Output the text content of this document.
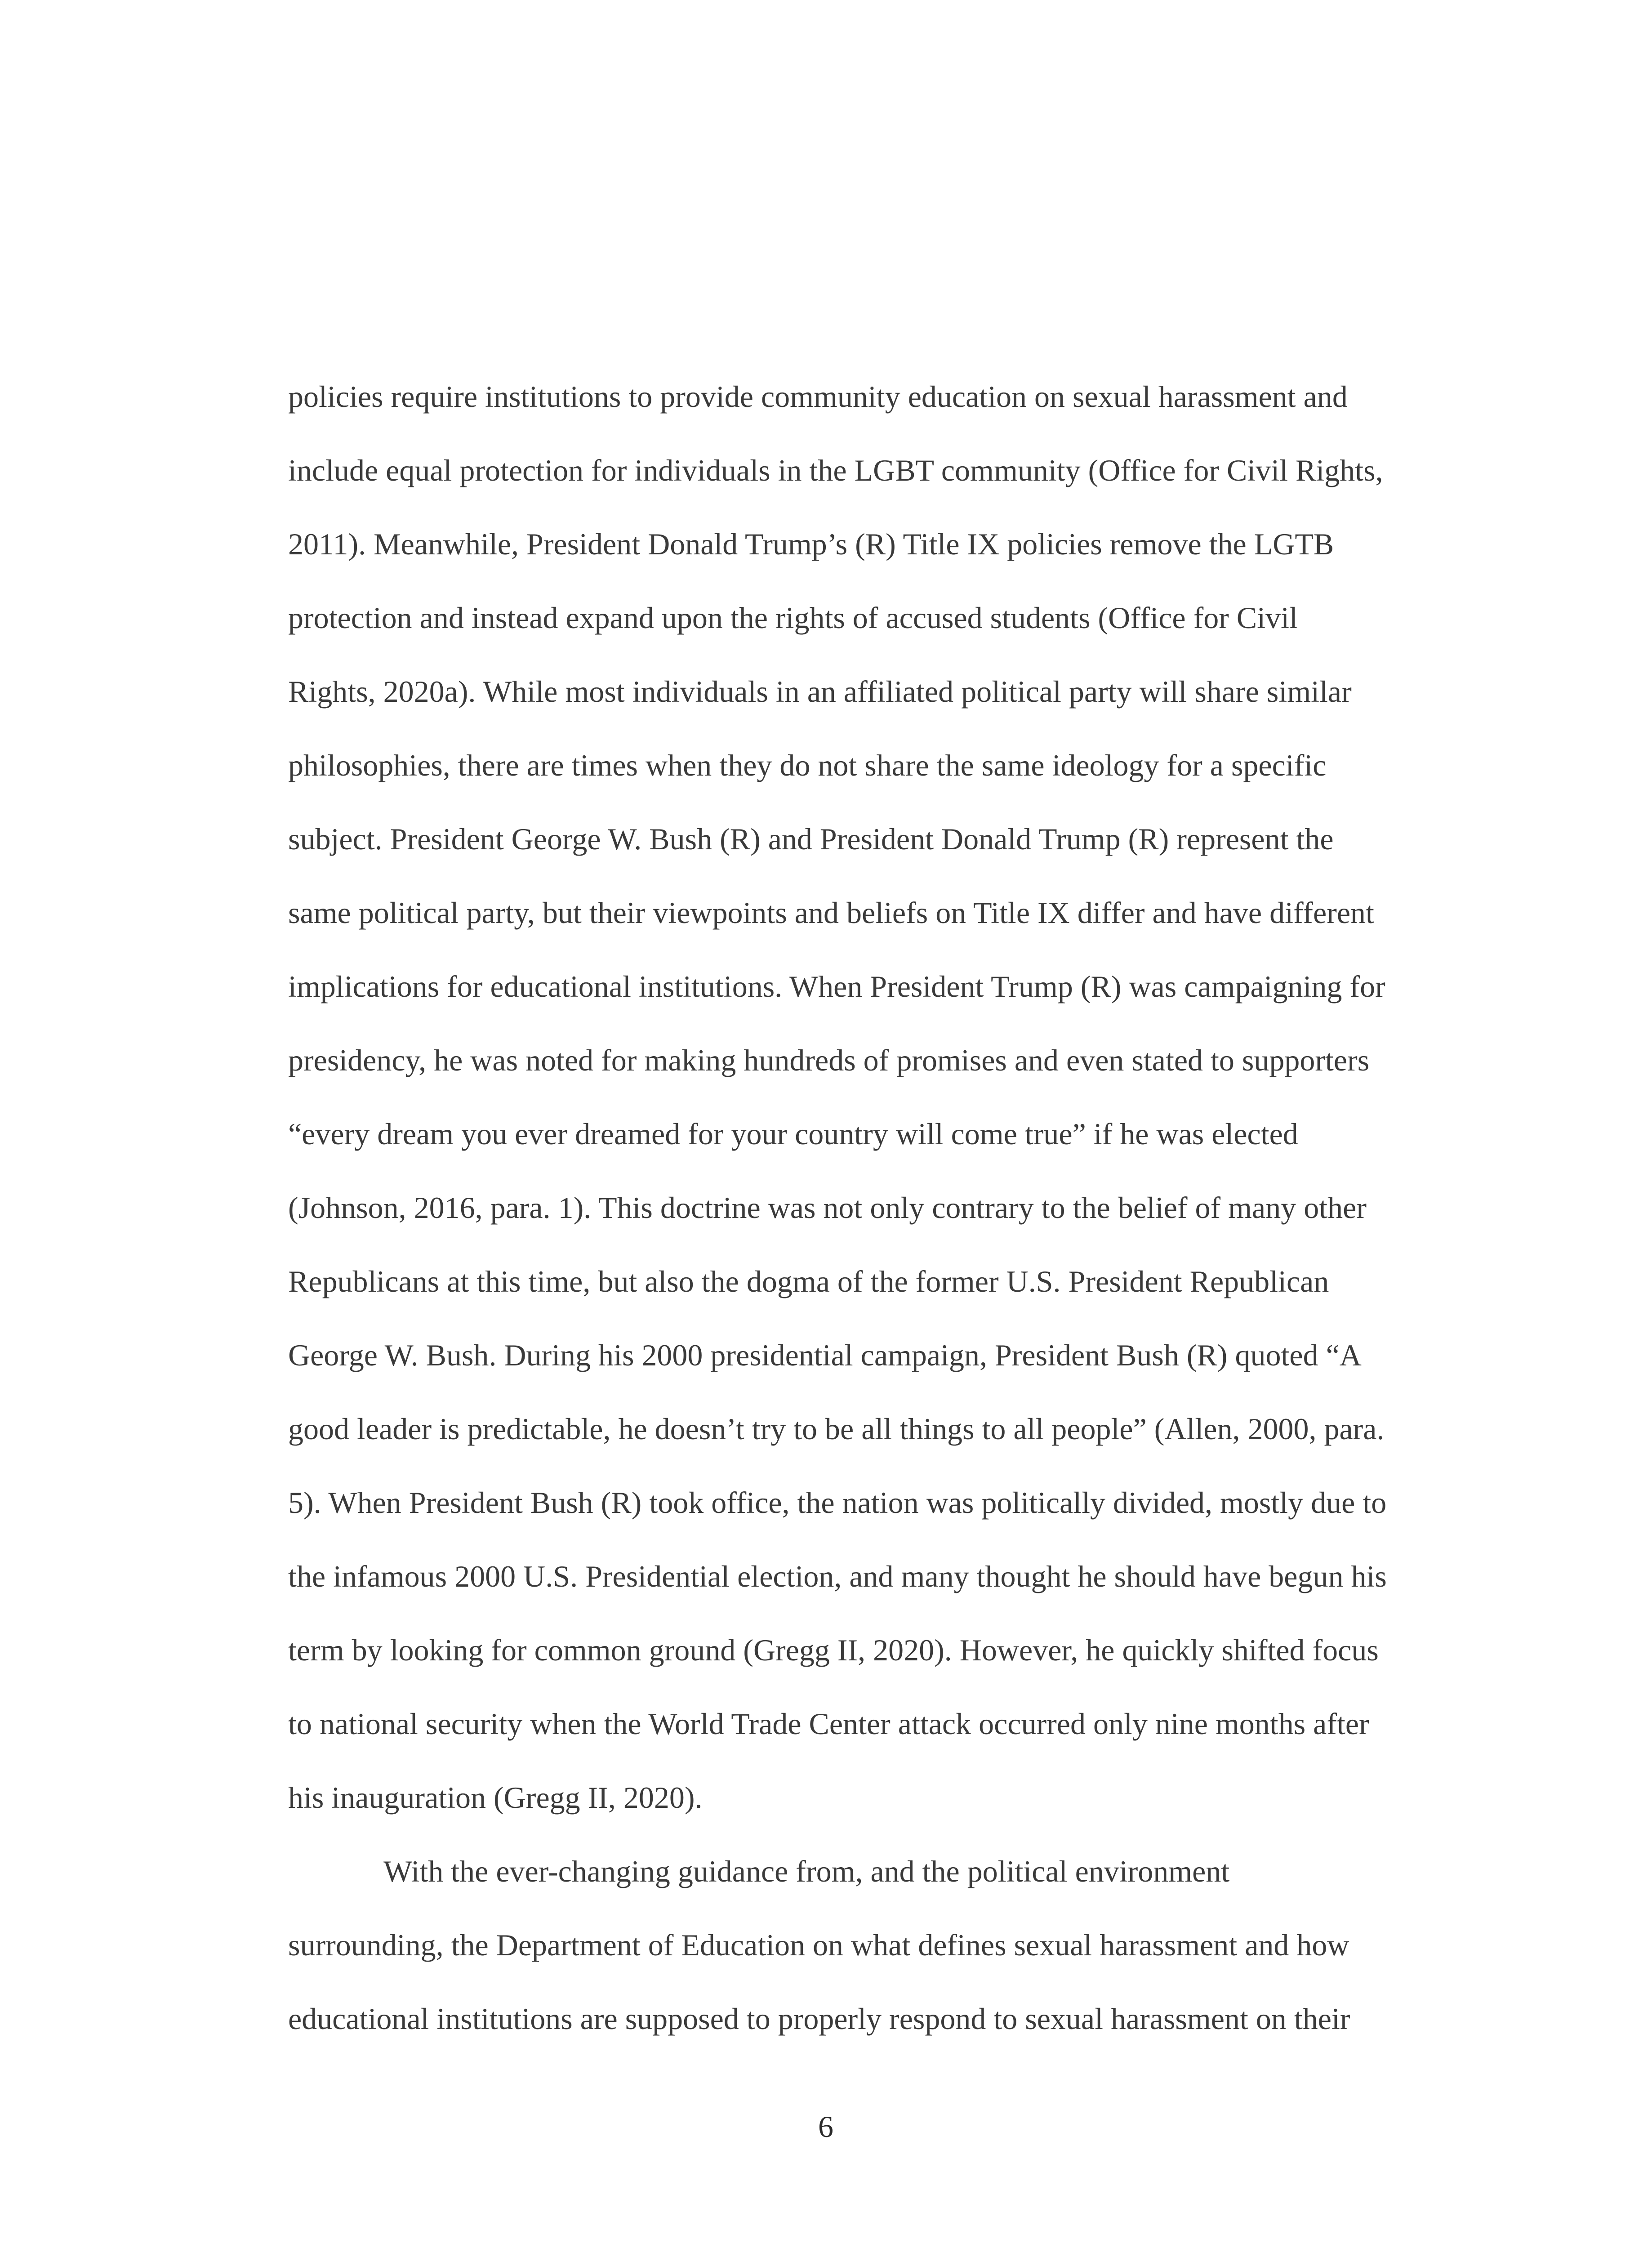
policies require institutions to provide community education on sexual harassment and
include equal protection for individuals in the LGBT community (Office for Civil Rights,
2011). Meanwhile, President Donald Trump’s (R) Title IX policies remove the LGTB
protection and instead expand upon the rights of accused students (Office for Civil
Rights, 2020a). While most individuals in an affiliated political party will share similar
philosophies, there are times when they do not share the same ideology for a specific
subject. President George W. Bush (R) and President Donald Trump (R) represent the
same political party, but their viewpoints and beliefs on Title IX differ and have different
implications for educational institutions. When President Trump (R) was campaigning for
presidency, he was noted for making hundreds of promises and even stated to supporters
“every dream you ever dreamed for your country will come true” if he was elected
(Johnson, 2016, para. 1). This doctrine was not only contrary to the belief of many other
Republicans at this time, but also the dogma of the former U.S. President Republican
George W. Bush. During his 2000 presidential campaign, President Bush (R) quoted “A
good leader is predictable, he doesn’t try to be all things to all people” (Allen, 2000, para.
5). When President Bush (R) took office, the nation was politically divided, mostly due to
the infamous 2000 U.S. Presidential election, and many thought he should have begun his
term by looking for common ground (Gregg II, 2020). However, he quickly shifted focus
to national security when the World Trade Center attack occurred only nine months after
his inauguration (Gregg II, 2020).
With the ever-changing guidance from, and the political environment
surrounding, the Department of Education on what defines sexual harassment and how
educational institutions are supposed to properly respond to sexual harassment on their
6
